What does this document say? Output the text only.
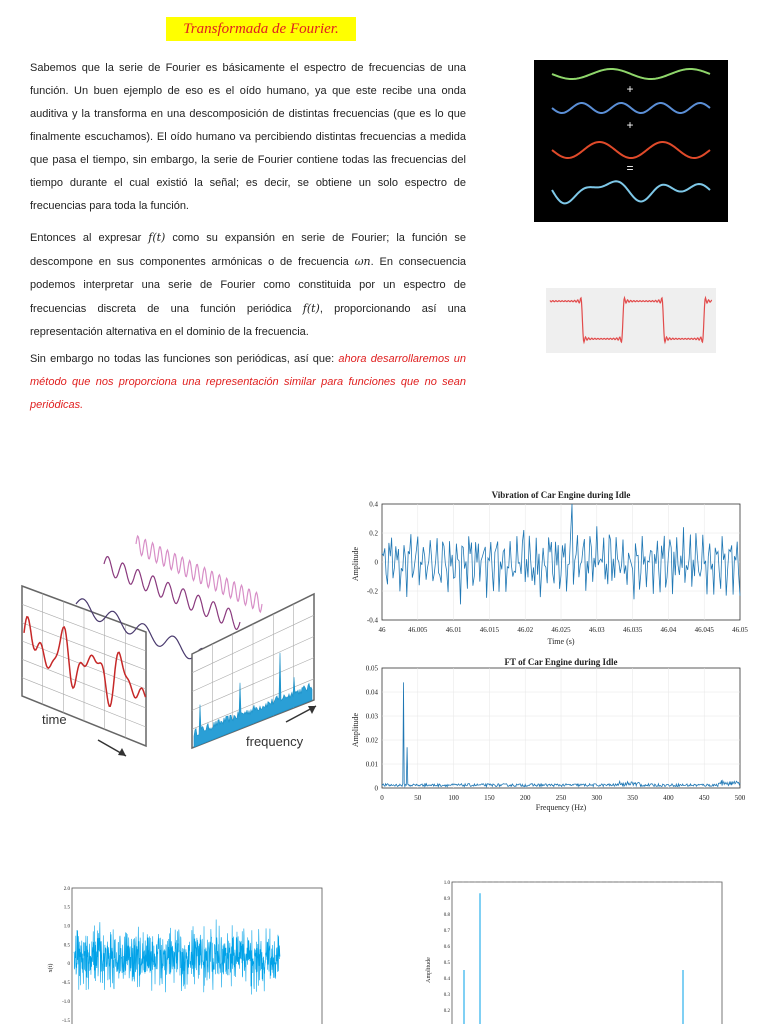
Transformada de Fourier.
Sabemos que la serie de Fourier es básicamente el espectro de frecuencias de una función. Un buen ejemplo de eso es el oído humano, ya que este recibe una onda auditiva y la transforma en una descomposición de distintas frecuencias (que es lo que finalmente escuchamos). El oído humano va percibiendo distintas frecuencias a medida que pasa el tiempo, sin embargo, la serie de Fourier contiene todas las frecuencias del tiempo durante el cual existió la señal; es decir, se obtiene un solo espectro de frecuencias para toda la función.
Entonces al expresar f(t) como su expansión en serie de Fourier; la función se descompone en sus componentes armónicas o de frecuencia ωn. En consecuencia podemos interpretar una serie de Fourier como constituida por un espectro de frecuencias discreta de una función periódica f(t), proporcionando así una representación alternativa en el dominio de la frecuencia.
Sin embargo no todas las funciones son periódicas, así que: ahora desarrollaremos un método que nos proporciona una representación similar para funciones que no sean periódicas.
+
+
=
time
frequency
Vibration of Car Engine during Idle
46	46.005	46.01	46.015	46.02	46.025	46.03	46.035	46.04	46.045	46.05
0.4
0.2
0
-0.2
-0.4
Time (s)
Amplitude
FT of Car Engine during Idle
0	50	100	150	200	250	300	350	400	450	500
0.05
0.04
0.03
0.02
0.01
0
Frequency (Hz)
Amplitude
2.0
1.5
1.0
0.5
0
-0.5
-1.0
-1.5
x(t)
1.0
0.9
0.8
0.7
0.6
0.5
0.4
0.3
0.2
Amplitude
